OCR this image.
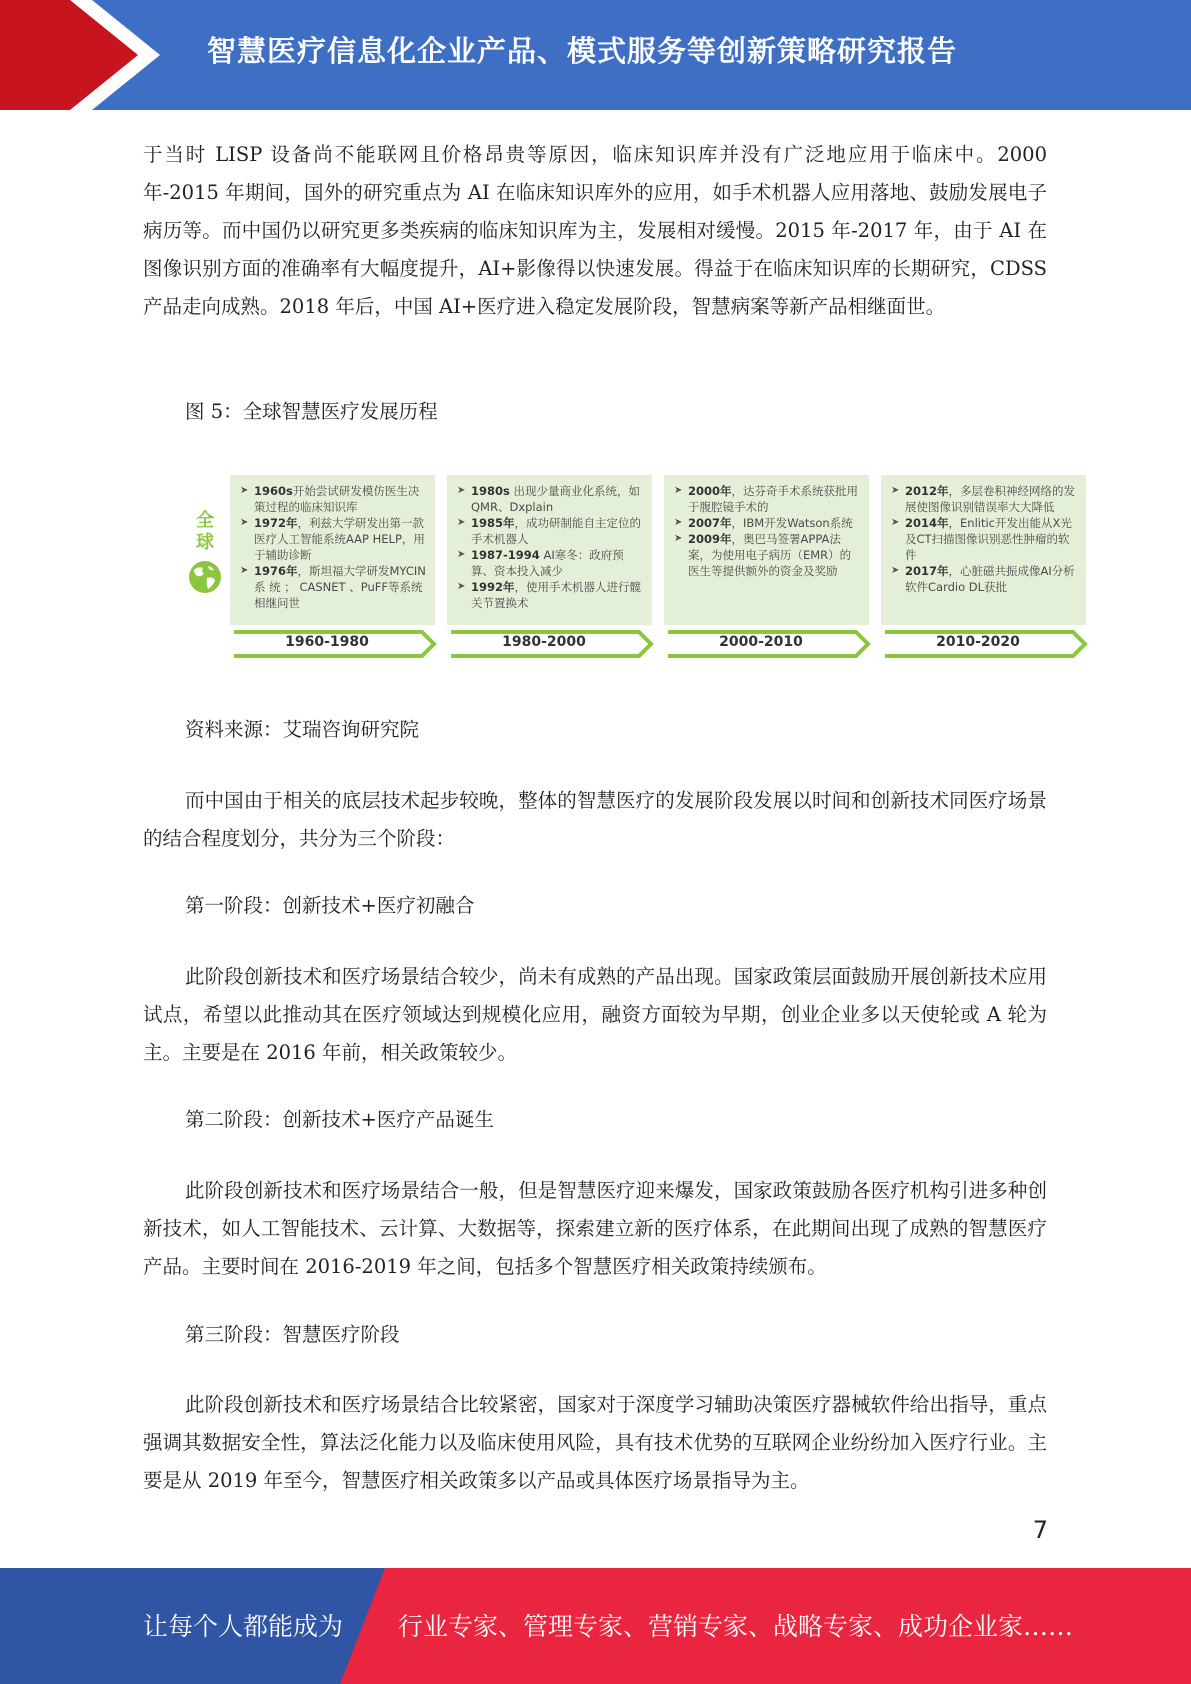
智慧医疗信息化企业产品、模式服务等创新策略研究报告

于当时 LISP 设备尚不能联网且价格昂贵等原因，临床知识库并没有广泛地应用于临床中。2000 年-2015 年期间，国外的研究重点为 AI 在临床知识库外的应用，如手术机器人应用落地、鼓励发展电子病历等。而中国仍以研究更多类疾病的临床知识库为主，发展相对缓慢。2015 年-2017 年，由于 AI 在图像识别方面的准确率有大幅度提升，AI+影像得以快速发展。得益于在临床知识库的长期研究，CDSS 产品走向成熟。2018 年后，中国 AI+医疗进入稳定发展阶段，智慧病案等新产品相继面世。

图 5：全球智慧医疗发展历程
全球
➤ 1960s开始尝试研发模仿医生决策过程的临床知识库
➤ 1972年，利兹大学研发出第一款医疗人工智能系统AAP HELP，用于辅助诊断
➤ 1976年，斯坦福大学研发MYCIN 系 统 ； CASNET 、PuFF等系统相继问世
1960-1980
➤ 1980s 出现少量商业化系统，如QMR、Dxplain
➤ 1985年，成功研制能自主定位的手术机器人
➤ 1987-1994 AI寒冬：政府预算、资本投入减少
➤ 1992年，使用手术机器人进行髋关节置换术
1980-2000
➤ 2000年，达芬奇手术系统获批用于腹腔镜手术的
➤ 2007年，IBM开发Watson系统
➤ 2009年，奥巴马签署APPA法案，为使用电子病历（EMR）的医生等提供额外的资金及奖励
2000-2010
➤ 2012年，多层卷积神经网络的发展使图像识别错误率大大降低
➤ 2014年，Enlitic开发出能从X光及CT扫描图像识别恶性肿瘤的软件
➤ 2017年，心脏磁共振成像AI分析软件Cardio DL获批
2010-2020
资料来源：艾瑞咨询研究院

而中国由于相关的底层技术起步较晚，整体的智慧医疗的发展阶段发展以时间和创新技术同医疗场景的结合程度划分，共分为三个阶段：

第一阶段：创新技术+医疗初融合

此阶段创新技术和医疗场景结合较少，尚未有成熟的产品出现。国家政策层面鼓励开展创新技术应用试点，希望以此推动其在医疗领域达到规模化应用，融资方面较为早期，创业企业多以天使轮或 A 轮为主。主要是在 2016 年前，相关政策较少。

第二阶段：创新技术+医疗产品诞生

此阶段创新技术和医疗场景结合一般，但是智慧医疗迎来爆发，国家政策鼓励各医疗机构引进多种创新技术，如人工智能技术、云计算、大数据等，探索建立新的医疗体系，在此期间出现了成熟的智慧医疗产品。主要时间在 2016-2019 年之间，包括多个智慧医疗相关政策持续颁布。

第三阶段：智慧医疗阶段

此阶段创新技术和医疗场景结合比较紧密，国家对于深度学习辅助决策医疗器械软件给出指导，重点强调其数据安全性，算法泛化能力以及临床使用风险，具有技术优势的互联网企业纷纷加入医疗行业。主要是从 2019 年至今，智慧医疗相关政策多以产品或具体医疗场景指导为主。

7
让每个人都能成为 行业专家、管理专家、营销专家、战略专家、成功企业家……
